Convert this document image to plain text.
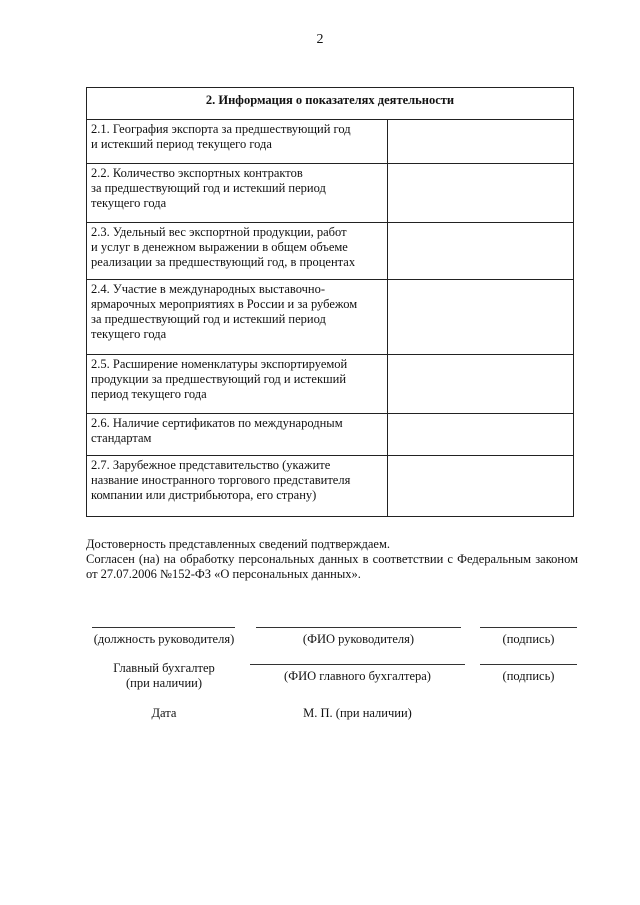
2
2. Информация о показателях деятельности	
2.1. География экспорта за предшествующий год
и истекший период текущего года	
2.2. Количество экспортных контрактов
за предшествующий год и истекший период
текущего года	
2.3. Удельный вес экспортной продукции, работ
и услуг в денежном выражении в общем объеме
реализации за предшествующий год, в процентах	
2.4. Участие в международных выставочно-
ярмарочных мероприятиях в России и за рубежом
за предшествующий год и истекший период
текущего года	
2.5. Расширение номенклатуры экспортируемой
продукции за предшествующий год и истекший
период текущего года	
2.6. Наличие сертификатов по международным
стандартам	
2.7. Зарубежное представительство (укажите
название иностранного торгового представителя
компании или дистрибьютора, его страну)	

Достоверность представленных сведений подтверждаем.

Согласен (на) на обработку персональных данных в соответствии с Федеральным законом от 27.07.2006 №152-ФЗ «О персональных данных».

(должность руководителя)	(ФИО руководителя)	(подпись)
Главный бухгалтер
(при наличии)	(ФИО главного бухгалтера)	(подпись)
Дата	М. П. (при наличии)
